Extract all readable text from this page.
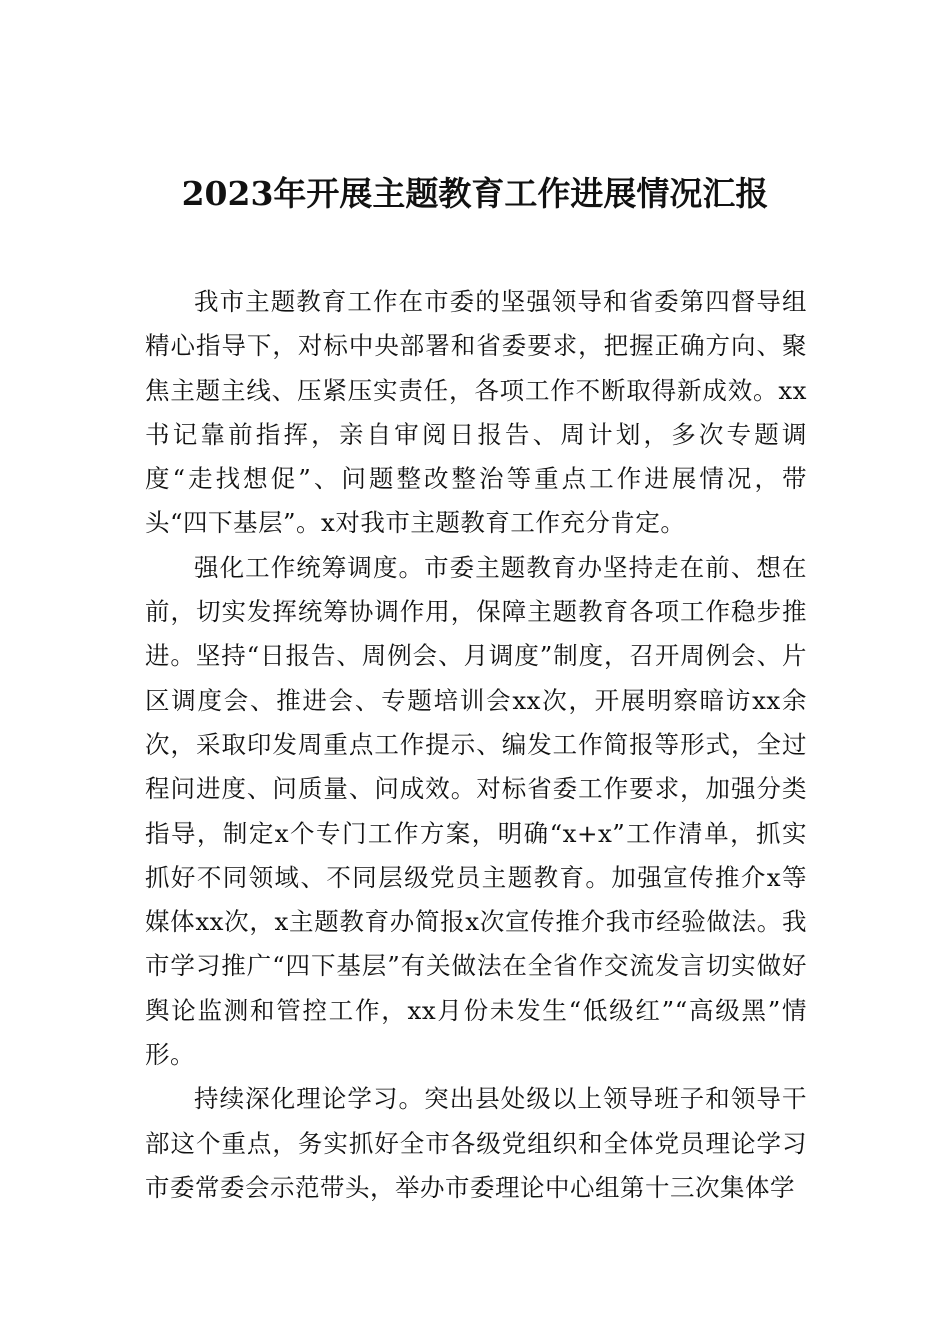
2023年开展主题教育工作进展情况汇报

我市主题教育工作在市委的坚强领导和省委第四督导组精心指导下，对标中央部署和省委要求，把握正确方向、聚焦主题主线、压紧压实责任，各项工作不断取得新成效。xx书记靠前指挥，亲自审阅日报告、周计划，多次专题调度“走找想促”、问题整改整治等重点工作进展情况，带头“四下基层”。x对我市主题教育工作充分肯定。

强化工作统筹调度。市委主题教育办坚持走在前、想在前，切实发挥统筹协调作用，保障主题教育各项工作稳步推进。坚持“日报告、周例会、月调度”制度，召开周例会、片区调度会、推进会、专题培训会xx次，开展明察暗访xx余次，采取印发周重点工作提示、编发工作简报等形式，全过程问进度、问质量、问成效。对标省委工作要求，加强分类指导，制定x个专门工作方案，明确“x+x”工作清单，抓实抓好不同领域、不同层级党员主题教育。加强宣传推介x等媒体xx次，x主题教育办简报x次宣传推介我市经验做法。我市学习推广“四下基层”有关做法在全省作交流发言切实做好舆论监测和管控工作，xx月份未发生“低级红”“高级黑”情形。

持续深化理论学习。突出县处级以上领导班子和领导干部这个重点，务实抓好全市各级党组织和全体党员理论学习市委常委会示范带头，举办市委理论中心组第十三次集体学
